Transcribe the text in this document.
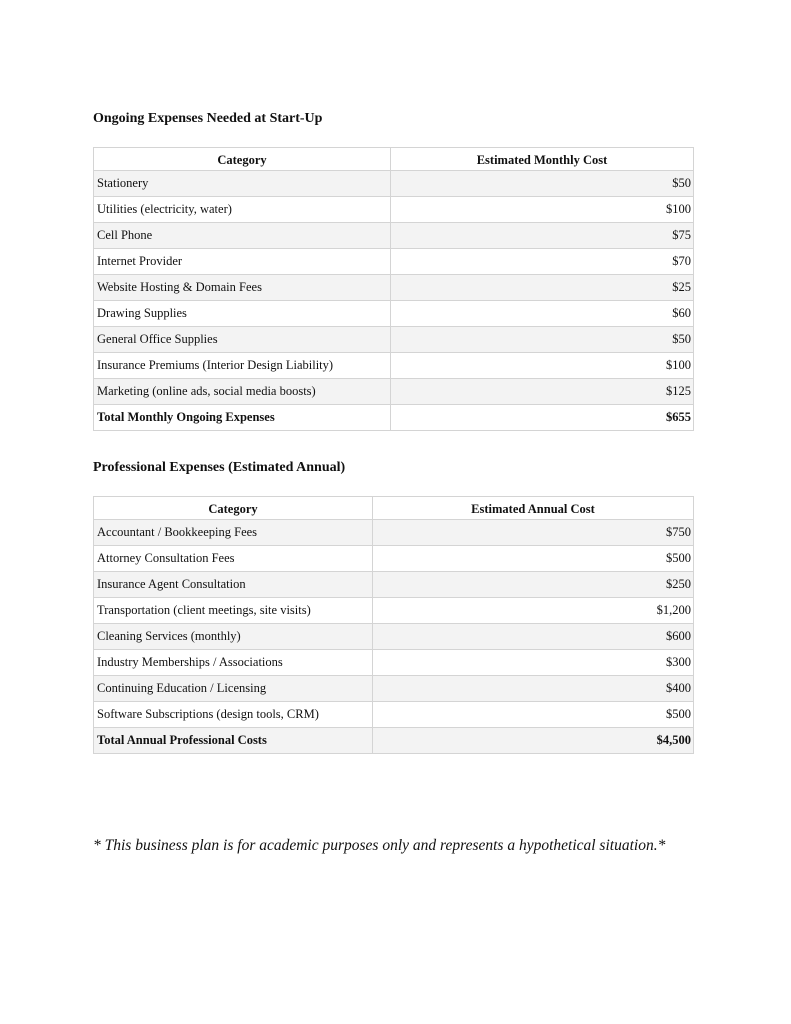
Ongoing Expenses Needed at Start-Up
Category	Estimated Monthly Cost
Stationery	$50
Utilities (electricity, water)	$100
Cell Phone	$75
Internet Provider	$70
Website Hosting & Domain Fees	$25
Drawing Supplies	$60
General Office Supplies	$50
Insurance Premiums (Interior Design Liability)	$100
Marketing (online ads, social media boosts)	$125
Total Monthly Ongoing Expenses	$655
Professional Expenses (Estimated Annual)
Category	Estimated Annual Cost
Accountant / Bookkeeping Fees	$750
Attorney Consultation Fees	$500
Insurance Agent Consultation	$250
Transportation (client meetings, site visits)	$1,200
Cleaning Services (monthly)	$600
Industry Memberships / Associations	$300
Continuing Education / Licensing	$400
Software Subscriptions (design tools, CRM)	$500
Total Annual Professional Costs	$4,500

* This business plan is for academic purposes only and represents a hypothetical situation.*
